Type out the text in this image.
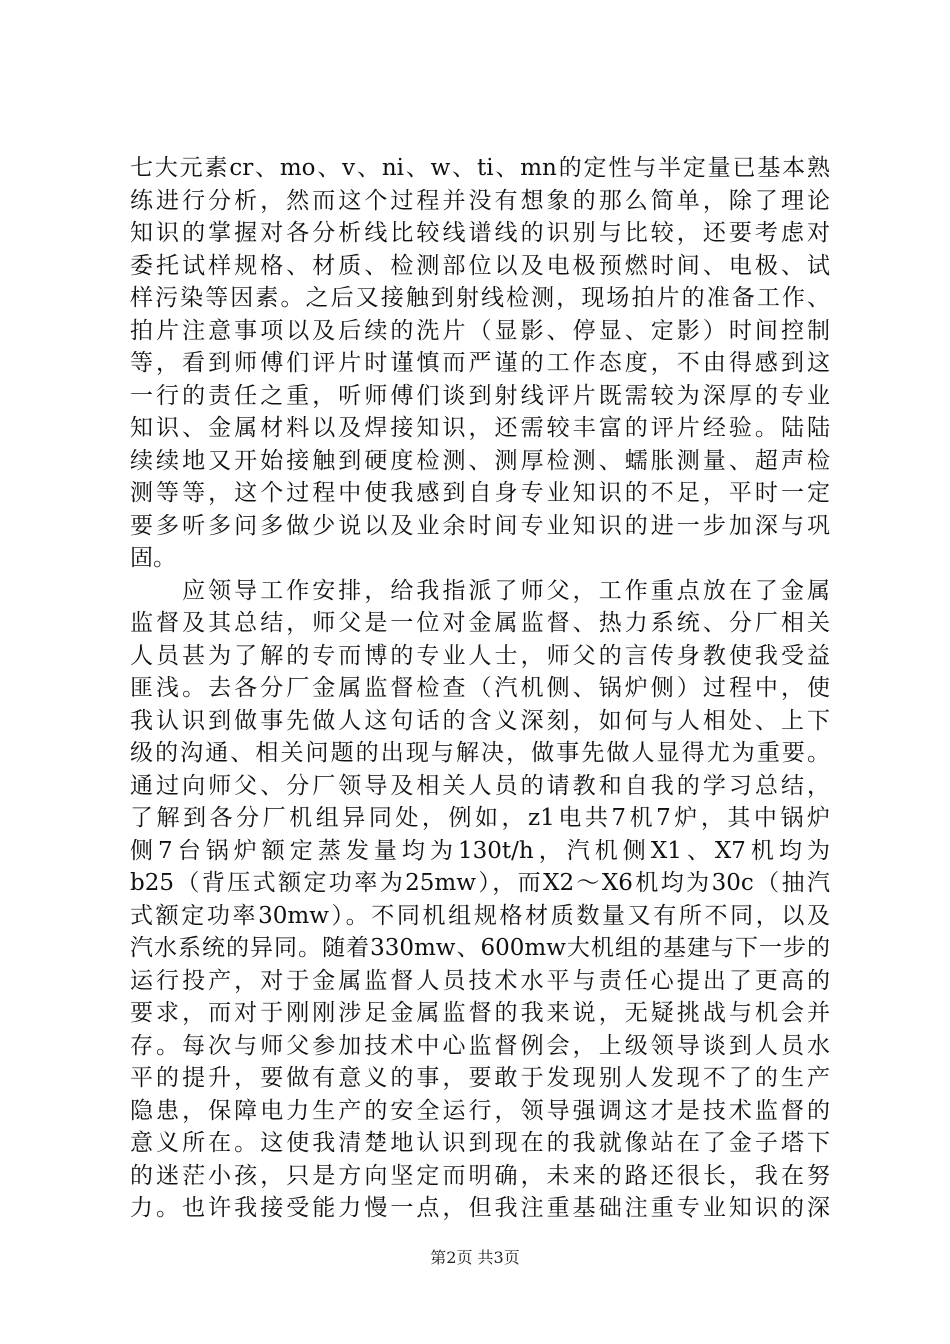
七大元素cr、mo、v、ni、w、ti、mn的定性与半定量已基本熟
练进行分析，然而这个过程并没有想象的那么简单，除了理论
知识的掌握对各分析线比较线谱线的识别与比较，还要考虑对
委托试样规格、材质、检测部位以及电极预燃时间、电极、试
样污染等因素。之后又接触到射线检测，现场拍片的准备工作、
拍片注意事项以及后续的洗片（显影、停显、定影）时间控制
等，看到师傅们评片时谨慎而严谨的工作态度，不由得感到这
一行的责任之重，听师傅们谈到射线评片既需较为深厚的专业
知识、金属材料以及焊接知识，还需较丰富的评片经验。陆陆
续续地又开始接触到硬度检测、测厚检测、蠕胀测量、超声检
测等等，这个过程中使我感到自身专业知识的不足，平时一定
要多听多问多做少说以及业余时间专业知识的进一步加深与巩
固。
　　应领导工作安排，给我指派了师父，工作重点放在了金属
监督及其总结，师父是一位对金属监督、热力系统、分厂相关
人员甚为了解的专而博的专业人士，师父的言传身教使我受益
匪浅。去各分厂金属监督检查（汽机侧、锅炉侧）过程中，使
我认识到做事先做人这句话的含义深刻，如何与人相处、上下
级的沟通、相关问题的出现与解决，做事先做人显得尤为重要。
通过向师父、分厂领导及相关人员的请教和自我的学习总结，
了解到各分厂机组异同处，例如，z1电共7机7炉，其中锅炉
侧7台锅炉额定蒸发量均为130t/h，汽机侧X1、X7机均为
b25（背压式额定功率为25mw），而X2～X6机均为30c（抽汽
式额定功率30mw）。不同机组规格材质数量又有所不同，以及
汽水系统的异同。随着330mw、600mw大机组的基建与下一步的
运行投产，对于金属监督人员技术水平与责任心提出了更高的
要求，而对于刚刚涉足金属监督的我来说，无疑挑战与机会并
存。每次与师父参加技术中心监督例会，上级领导谈到人员水
平的提升，要做有意义的事，要敢于发现别人发现不了的生产
隐患，保障电力生产的安全运行，领导强调这才是技术监督的
意义所在。这使我清楚地认识到现在的我就像站在了金子塔下
的迷茫小孩，只是方向坚定而明确，未来的路还很长，我在努
力。也许我接受能力慢一点，但我注重基础注重专业知识的深
第2页 共3页
